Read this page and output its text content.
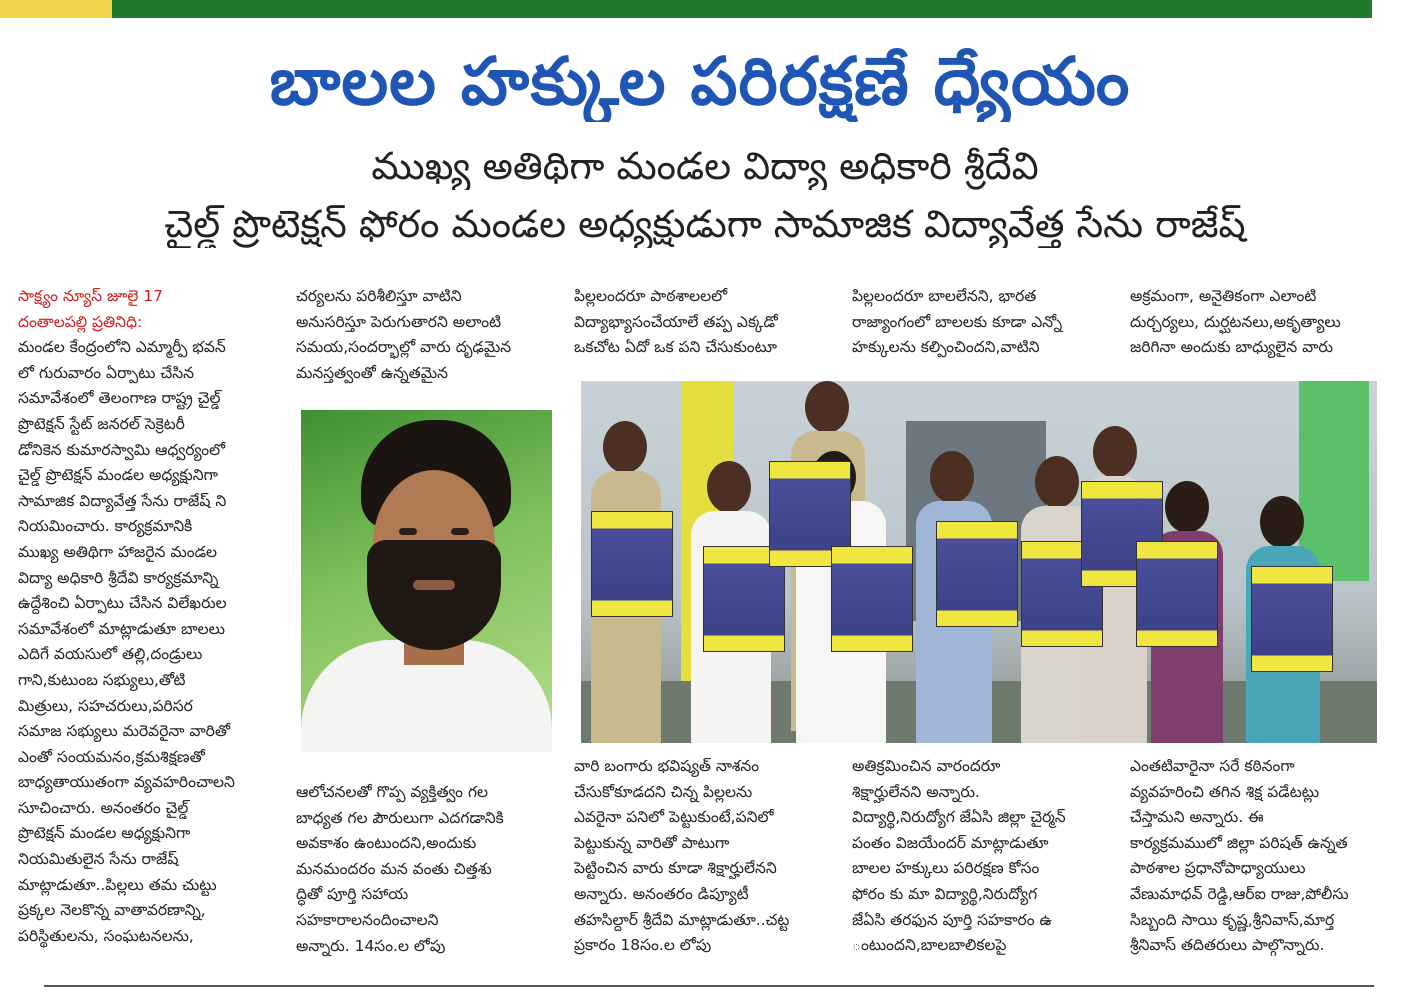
బాలల హక్కుల పరిరక్షణే ధ్యేయం
ముఖ్య అతిథిగా మండల విద్యా అధికారి శ్రీదేవి
చైల్డ్ ప్రొటెక్షన్ ఫోరం మండల అధ్యక్షుడుగా సామాజిక విద్యావేత్త సేను రాజేష్

సాక్ష్యం న్యూస్ జూలై 17

దంతాలపల్లి ప్రతినిధి:

మండల కేంద్రంలోని ఎమ్మార్పీ భవన్

లో గురువారం ఏర్పాటు చేసిన

సమావేశంలో తెలంగాణ రాష్ట్ర చైల్డ్

ప్రొటెక్షన్ స్టేట్ జనరల్ సెక్రెటరీ

డోనికెన కుమారస్వామి ఆధ్వర్యంలో

చైల్డ్ ప్రొటెక్షన్ మండల అధ్యక్షునిగా

సామాజిక విద్యావేత్త సేను రాజేష్ ని

నియమించారు. కార్యక్రమానికి

ముఖ్య అతిథిగా హాజరైన మండల

విద్యా అధికారి శ్రీదేవి కార్యక్రమాన్ని

ఉద్దేశించి ఏర్పాటు చేసిన విలేఖరుల

సమావేశంలో మాట్లాడుతూ బాలలు

ఎదిగే వయసులో తల్లి,దండ్రులు

గాని,కుటుంబ సభ్యులు,తోటి

మిత్రులు, సహచరులు,పరిసర

సమాజ సభ్యులు మరెవరైనా వారితో

ఎంతో సంయమనం,క్రమశిక్షణతో

బాధ్యతాయుతంగా వ్యవహరించాలని

సూచించారు. అనంతరం చైల్డ్

ప్రొటెక్షన్ మండల అధ్యక్షునిగా

నియమితులైన సేను రాజేష్

మాట్లాడుతూ..పిల్లలు తమ చుట్టు

ప్రక్కల నెలకొన్న వాతావరణాన్ని,

పరిస్థితులను, సంఘటనలను,

చర్యలను పరిశీలిస్తూ వాటిని

అనుసరిస్తూ పెరుగుతారని అలాంటి

సమయ,సందర్భాల్లో వారు దృఢమైన

మనస్తత్వంతో ఉన్నతమైన

ఆలోచనలతో గొప్ప వ్యక్తిత్వం గల

బాధ్యత గల పౌరులుగా ఎదగడానికి

అవకాశం ఉంటుందని,అందుకు

మనమందరం మన వంతు చిత్తశు

ద్ధితో పూర్తి సహాయ

సహకారాలనందించాలని

అన్నారు. 14సం.ల లోపు

పిల్లలందరూ పాఠశాలలలో

విద్యాభ్యాసంచేయాలే తప్ప ఎక్కడో

ఒకచోట ఏదో ఒక పని చేసుకుంటూ

వారి బంగారు భవిష్యత్ నాశనం

చేసుకోకూడదని చిన్న పిల్లలను

ఎవరైనా పనిలో పెట్టుకుంటే,పనిలో

పెట్టుకున్న వారితో పాటుగా

పెట్టించిన వారు కూడా శిక్షార్హులేనని

అన్నారు. అనంతరం డిప్యూటీ

తహసిల్దార్ శ్రీదేవి మాట్లాడుతూ..చట్ట

ప్రకారం 18సం.ల లోపు

పిల్లలందరూ బాలలేనని, భారత

రాజ్యాంగంలో బాలలకు కూడా ఎన్నో

హక్కులను కల్పించిందని,వాటిని

అతిక్రమించిన వారందరూ

శిక్షార్హులేనని అన్నారు.

విద్యార్థి,నిరుద్యోగ జేఏసి జిల్లా చైర్మన్

పంతం విజయేందర్ మాట్లాడుతూ

బాలల హక్కులు పరిరక్షణ కోసం

ఫోరం కు మా విద్యార్థి,నిరుద్యోగ

జేఏసి తరఫున పూర్తి సహకారం ఉ

ంటుందని,బాలబాలికలపై

అక్రమంగా, అనైతికంగా ఎలాంటి

దుర్చర్యలు, దుర్ఘటనలు,అకృత్యాలు

జరిగినా అందుకు బాధ్యులైన వారు

ఎంతటివారైనా సరే కఠినంగా

వ్యవహరించి తగిన శిక్ష పడేటట్లు

చేస్తామని అన్నారు. ఈ

కార్యక్రమములో జిల్లా పరిషత్ ఉన్నత

పాఠశాల ప్రధానోపాధ్యాయులు

వేణుమాధవ్ రెడ్డి,ఆర్ఐ రాజు,పోలీసు

సిబ్బంది సాయి కృష్ణ,శ్రీనివాస్,మార్త

శ్రీనివాస్ తదితరులు పాల్గొన్నారు.
